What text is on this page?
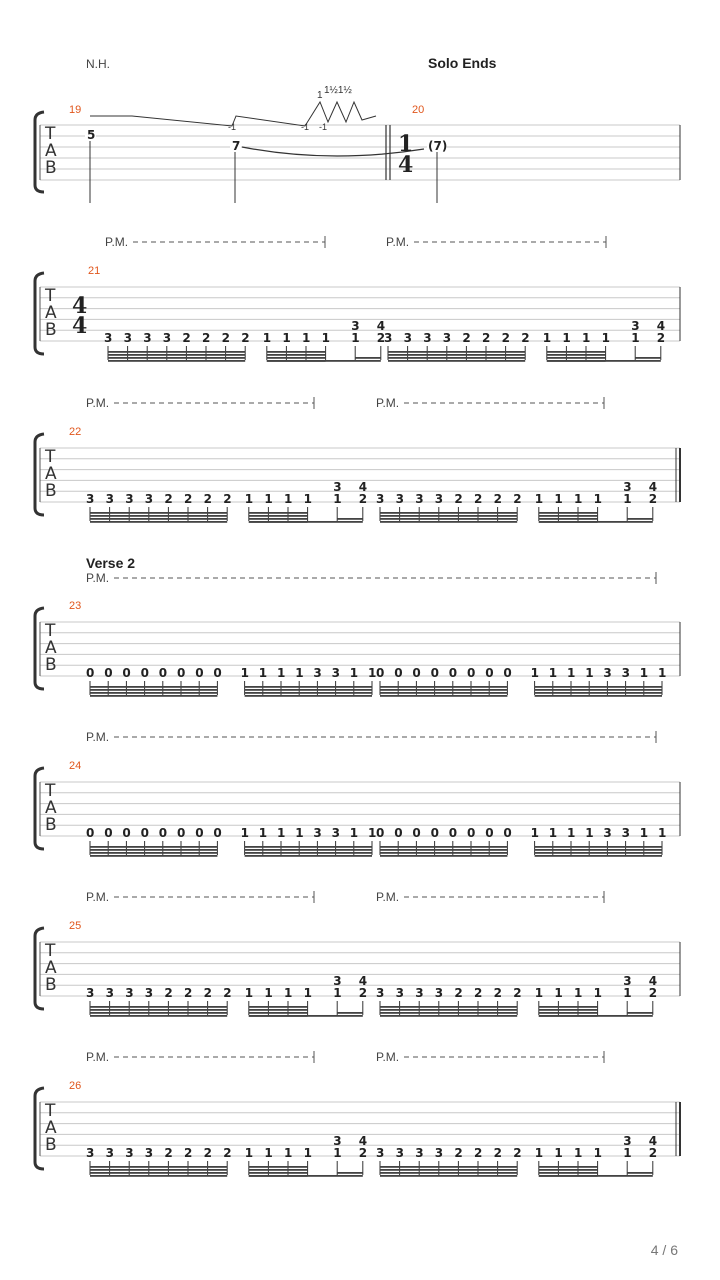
N.H.	Solo Ends
19	20
T
A
B
1 1½1½
-1	-1 -1
5
7	1
4
(7)
P.M.	P.M.
21
T
A
B
4
4 3 3 3 3 2 2 2 2 1 1 1 1
3
1
4
2
3 3 3 3 2 2 2 2 1 1 1 1
3
1
4
2
P.M.	P.M.
22
T
A
B 3 3 3 3 2 2 2 2 1 1 1 1
3
1
4
2 3 3 3 3 2 2 2 2 1 1 1 1
3
1
4
2
Verse 2
P.M.
23
T
A
B 0 0 0 0 0 0 0 0 1 1 1 1 3 3 1 1 0 0 0 0 0 0 0 0 1 1 1 1 3 3 1 1
P.M.
24
T
A
B 0 0 0 0 0 0 0 0 1 1 1 1 3 3 1 1 0 0 0 0 0 0 0 0 1 1 1 1 3 3 1 1
P.M.	P.M.
25
T
A
B 3 3 3 3 2 2 2 2 1 1 1 1
3
1
4
2 3 3 3 3 2 2 2 2 1 1 1 1
3
1
4
2
P.M.	P.M.
26
T
A
B 3 3 3 3 2 2 2 2 1 1 1 1
3
1
4
2 3 3 3 3 2 2 2 2 1 1 1 1
3
1
4
2
4 / 6
